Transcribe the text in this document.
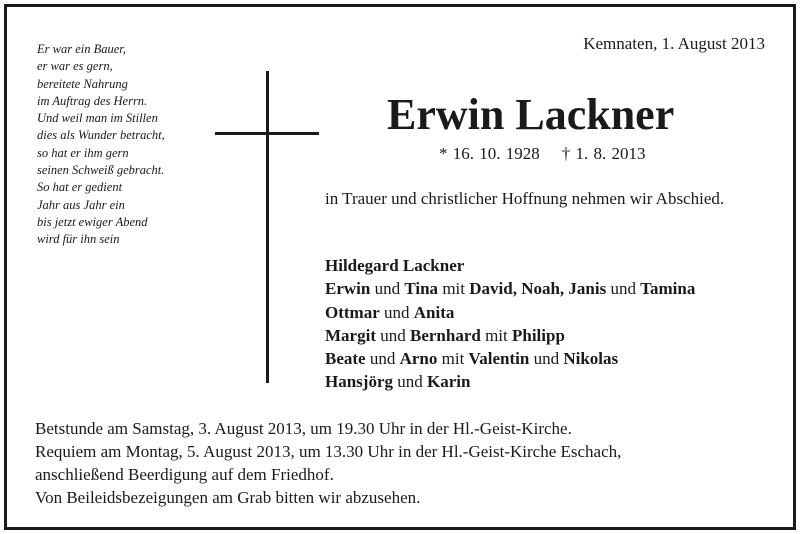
Er war ein Bauer,
er war es gern,
bereitete Nahrung
im Auftrag des Herrn.
Und weil man im Stillen
dies als Wunder betracht,
so hat er ihm gern
seinen Schweiß gebracht.
So hat er gedient
Jahr aus Jahr ein
bis jetzt ewiger Abend
wird für ihn sein
Kemnaten, 1. August 2013
Erwin Lackner
* 16. 10. 1928 † 1. 8. 2013
in Trauer und christlicher Hoffnung nehmen wir Abschied.
Hildegard Lackner
Erwin und Tina mit David, Noah, Janis und Tamina
Ottmar und Anita
Margit und Bernhard mit Philipp
Beate und Arno mit Valentin und Nikolas
Hansjörg und Karin
Betstunde am Samstag, 3. August 2013, um 19.30 Uhr in der Hl.-Geist-Kirche.
Requiem am Montag, 5. August 2013, um 13.30 Uhr in der Hl.-Geist-Kirche Eschach,
anschließend Beerdigung auf dem Friedhof.
Von Beileidsbezeigungen am Grab bitten wir abzusehen.
